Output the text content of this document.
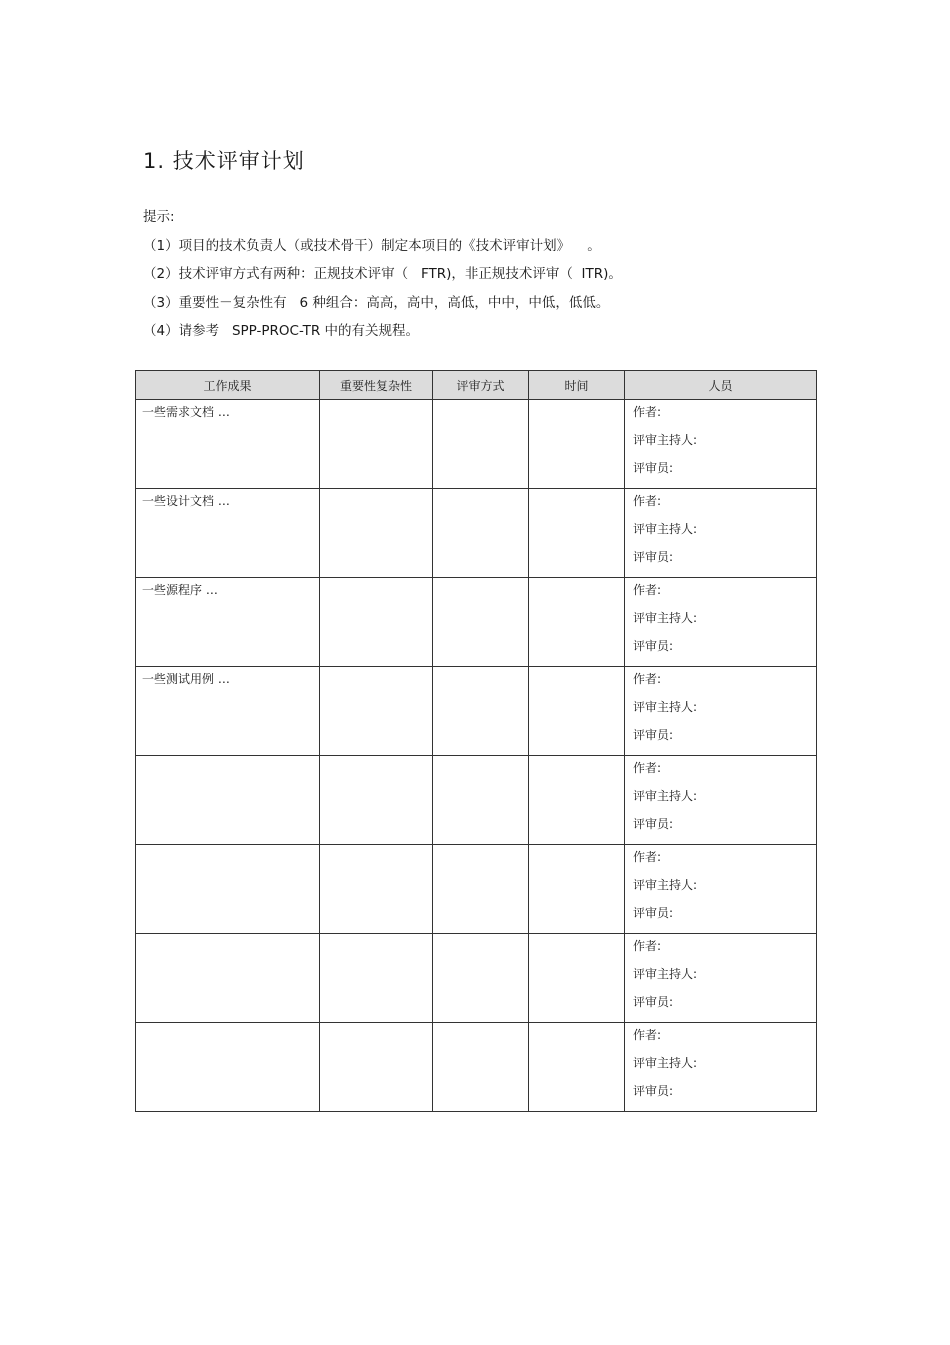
1. 技术评审计划
提示:
（1）项目的技术负责人（或技术骨干）制定本项目的《技术评审计划》    。
（2）技术评审方式有两种：正规技术评审（   FTR)，非正规技术评审（  ITR)。
（3）重要性－复杂性有   6 种组合：高高，高中，高低，中中，中低，低低。
（4）请参考   SPP-PROC-TR 中的有关规程。
工作成果	重要性复杂性	评审方式	时间	人员
一些需求文档 …				作者:
评审主持人:
评审员:

一些设计文档 …				作者:
评审主持人:
评审员:

一些源程序 …				作者:
评审主持人:
评审员:

一些测试用例 …				作者:
评审主持人:
评审员:

				作者:
评审主持人:
评审员:

				作者:
评审主持人:
评审员:

				作者:
评审主持人:
评审员:

				作者:
评审主持人:
评审员:
